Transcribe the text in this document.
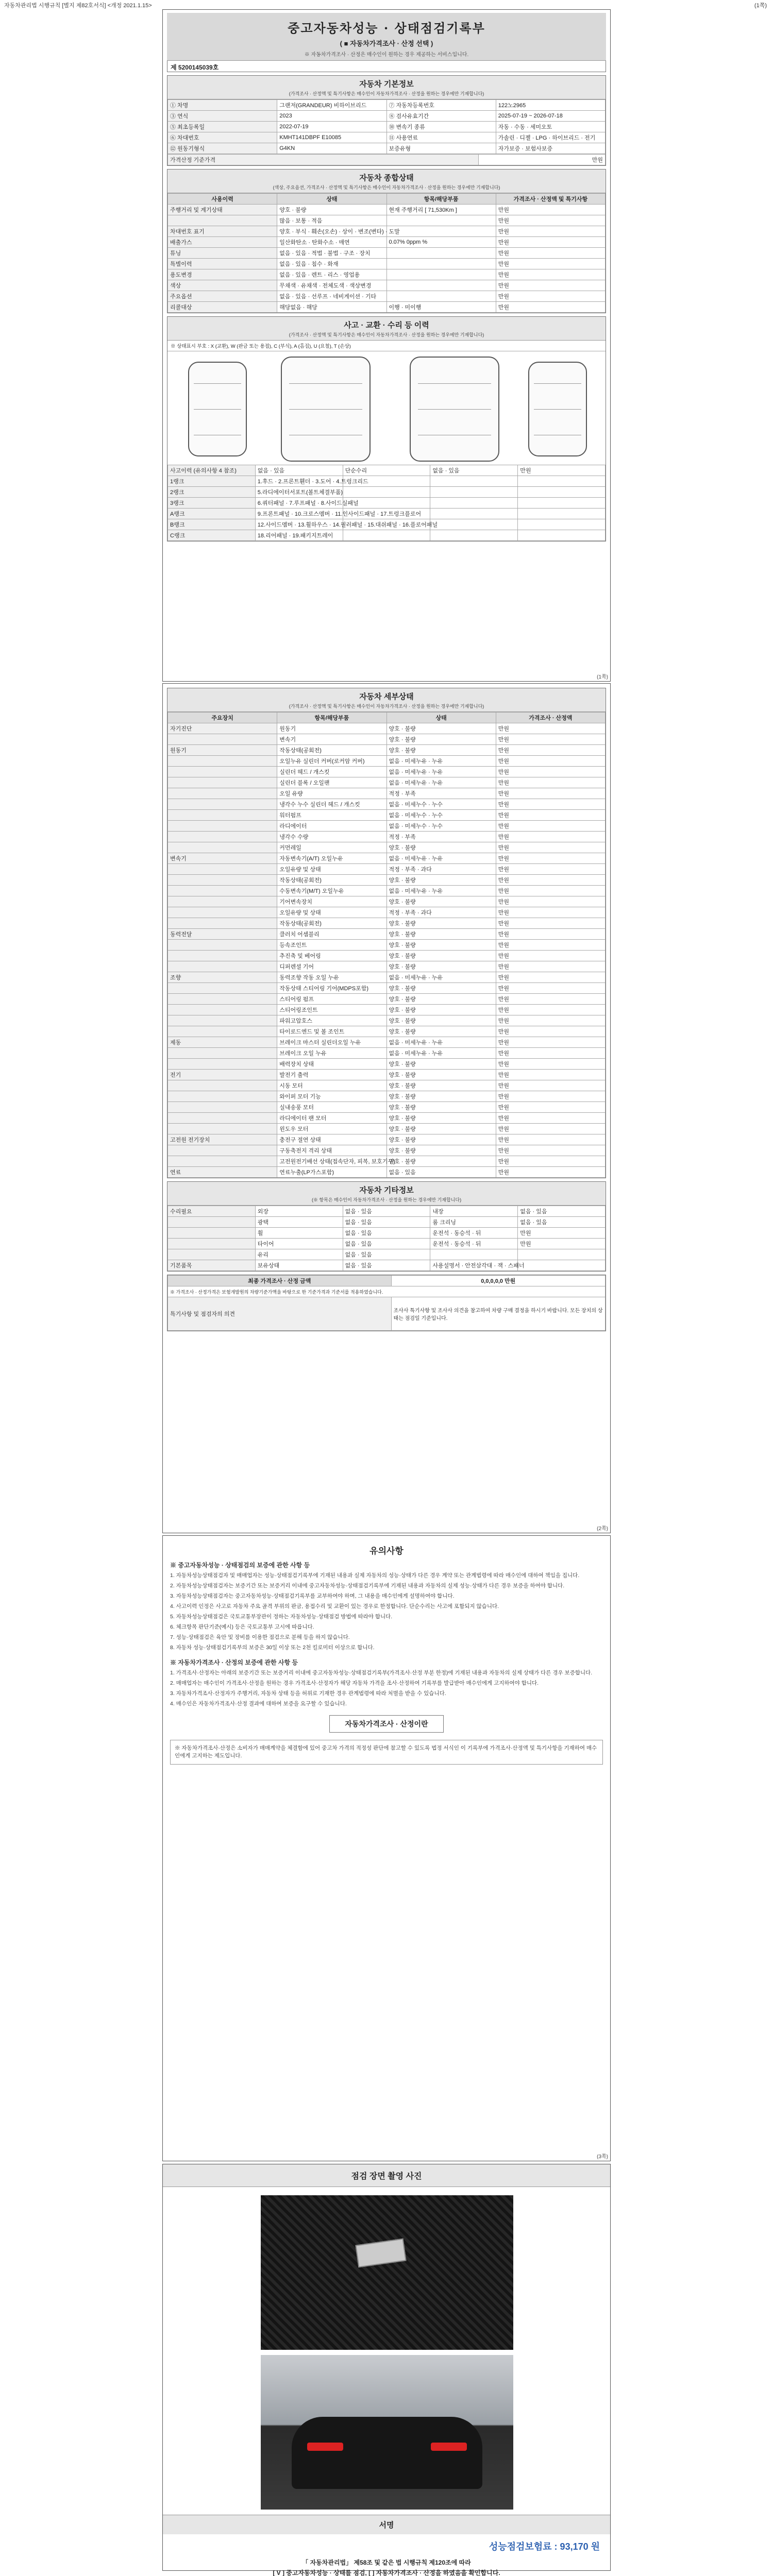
자동차관리법 시행규칙 [별지 제82호서식] <개정 2021.1.15>	(1쪽)
중고자동차성능 · 상태점검기록부
( ■ 자동차가격조사 · 산정 선택 )
※ 자동차가격조사 · 산정은 매수인이 원하는 경우 제공하는 서비스입니다.
제 5200145039호
자동차 기본정보
(가격조사 · 산정액 및 특기사항은 매수인이 자동차가격조사 · 산정을 원하는 경우에만 기재합니다)
① 차명	그랜저(GRANDEUR) 비하이브리드	⑦ 자동차등록번호	122노2965
③ 연식	2023	⑧ 검사유효기간	2025-07-19 ~ 2026-07-18
⑤ 최초등록일	2022-07-19	⑩ 변속기 종류	자동 · 수동 · 세미오토
⑥ 차대번호	KMHT141DBPF E10085	⑪ 사용연료	가솔린 · 디젤 · LPG · 하이브리드 · 전기
⑫ 원동기형식	G4KN	보증유형	자가보증 · 보험사보증
가격산정 기준가격	만원
자동차 종합상태
(색상, 주요옵션, 가격조사 · 산정액 및 특기사항은 매수인이 자동차가격조사 · 산정을 원하는 경우에만 기재합니다)
사용이력	상태	항목/해당부품	가격조사 · 산정액 및 특기사항
주행거리 및 계기상태	양호 · 불량	현재 주행거리 [ 71,530Km ]	만원
	많음 · 보통 · 적음		만원
차대번호 표기	양호 · 부식 · 훼손(오손) · 상이 · 변조(변타) · 도말		만원
배출가스	일산화탄소 · 탄화수소 · 매연	0.07% 0ppm %	만원
튜닝	없음 · 있음 · 적법 · 불법 · 구조 · 장치		만원
특별이력	없음 · 있음 · 침수 · 화재		만원
용도변경	없음 · 있음 · 렌트 · 리스 · 영업용		만원
색상	무채색 · 유채색 · 전체도색 · 색상변경		만원
주요옵션	없음 · 있음 · 선루프 · 네비게이션 · 기타		만원
리콜대상	해당없음 · 해당	이행 · 미이행	만원
사고 · 교환 · 수리 등 이력
(가격조사 · 산정액 및 특기사항은 매수인이 자동차가격조사 · 산정을 원하는 경우에만 기재합니다)
※ 상태표시 부호 : X (교환), W (판금 또는 용접), C (부식), A (흠집), U (요철), T (손상)
사고이력 (유의사항 4 참조)	없음 · 있음	단순수리	없음 · 있음	만원
1랭크	1.후드 · 2.프론트휀더 · 3.도어 · 4.트렁크리드			
2랭크	5.라디에이터서포트(볼트체결부품)			
3랭크	6.쿼터패널 · 7.루프패널 · 8.사이드실패널			
A랭크	9.프론트패널 · 10.크로스멤버 · 11.인사이드패널 · 17.트렁크플로어			
B랭크	12.사이드멤버 · 13.휠하우스 · 14.필러패널 · 15.대쉬패널 · 16.플로어패널			
C랭크	18.리어패널 · 19.패키지트레이			
(1쪽)
자동차 세부상태
(가격조사 · 산정액 및 특기사항은 매수인이 자동차가격조사 · 산정을 원하는 경우에만 기재합니다)
주요장치	항목/해당부품	상태	가격조사 · 산정액
자기진단	원동기	양호 · 불량	만원
	변속기	양호 · 불량	만원
원동기	작동상태(공회전)	양호 · 불량	만원
	오일누유 실린더 커버(로커암 커버)	없음 · 미세누유 · 누유	만원
	실린더 헤드 / 개스킷	없음 · 미세누유 · 누유	만원
	실린더 블록 / 오일팬	없음 · 미세누유 · 누유	만원
	오일 유량	적정 · 부족	만원
	냉각수 누수 실린더 헤드 / 개스킷	없음 · 미세누수 · 누수	만원
	워터펌프	없음 · 미세누수 · 누수	만원
	라디에이터	없음 · 미세누수 · 누수	만원
	냉각수 수량	적정 · 부족	만원
	커먼레일	양호 · 불량	만원
변속기	자동변속기(A/T) 오일누유	없음 · 미세누유 · 누유	만원
	오일유량 및 상태	적정 · 부족 · 과다	만원
	작동상태(공회전)	양호 · 불량	만원
	수동변속기(M/T) 오일누유	없음 · 미세누유 · 누유	만원
	기어변속장치	양호 · 불량	만원
	오일유량 및 상태	적정 · 부족 · 과다	만원
	작동상태(공회전)	양호 · 불량	만원
동력전달	클러치 어셈블리	양호 · 불량	만원
	등속조인트	양호 · 불량	만원
	추진축 및 베어링	양호 · 불량	만원
	디퍼렌셜 기어	양호 · 불량	만원
조향	동력조향 작동 오일 누유	없음 · 미세누유 · 누유	만원
	작동상태 스티어링 기어(MDPS포함)	양호 · 불량	만원
	스티어링 펌프	양호 · 불량	만원
	스티어링조인트	양호 · 불량	만원
	파워고압호스	양호 · 불량	만원
	타이로드엔드 및 볼 조인트	양호 · 불량	만원
제동	브레이크 마스터 실린더오일 누유	없음 · 미세누유 · 누유	만원
	브레이크 오일 누유	없음 · 미세누유 · 누유	만원
	배력장치 상태	양호 · 불량	만원
전기	발전기 출력	양호 · 불량	만원
	시동 모터	양호 · 불량	만원
	와이퍼 모터 기능	양호 · 불량	만원
	실내송풍 모터	양호 · 불량	만원
	라디에이터 팬 모터	양호 · 불량	만원
	윈도우 모터	양호 · 불량	만원
고전원 전기장치	충전구 절연 상태	양호 · 불량	만원
	구동축전지 격리 상태	양호 · 불량	만원
	고전원전기배선 상태(접속단자, 피복, 보호기구)	양호 · 불량	만원
연료	연료누출(LP가스포함)	없음 · 있음	만원
자동차 기타정보
(※ 항목은 매수인이 자동차가격조사 · 산정을 원하는 경우에만 기재합니다)
수리필요	외장	없음 · 있음	내장	없음 · 있음
	광택	없음 · 있음	룸 크리닝	없음 · 있음
	휠	없음 · 있음	운전석 · 동승석 · 뒤	만원
	타이어	없음 · 있음	운전석 · 동승석 · 뒤	만원
	유리	없음 · 있음		
기본품목	보유상태	없음 · 있음	사용설명서 · 안전삼각대 · 잭 · 스패너	
최종 가격조사 · 산정 금액	0,0,0,0,0 만원
※ 가격조사 · 산정가격은 보험개발원의 차량기준가액을 바탕으로 한 기준가격과 기준서를 적용하였습니다.	
특기사항 및 점검자의 의견	조사사 특기사항 및 조사사 의견을 참고하여 차량 구매 결정을 하시기 바랍니다. 모든 장치의 상태는 점검일 기준입니다.
(2쪽)
유의사항

※ 중고자동차성능 · 상태점검의 보증에 관한 사항 등

1. 자동차성능상태점검자 및 매매업자는 성능·상태점검기록부에 기재된 내용과 실제 자동차의 성능·상태가 다른 경우 계약 또는 관계법령에 따라 매수인에 대하여 책임을 집니다.

2. 자동차성능상태점검자는 보증기간 또는 보증거리 이내에 중고자동차성능·상태점검기록부에 기재된 내용과 자동차의 실제 성능·상태가 다른 경우 보증을 하여야 합니다.

3. 자동차성능상태점검자는 중고자동차성능·상태점검기록부를 교부하여야 하며, 그 내용을 매수인에게 설명하여야 합니다.

4. 사고이력 인정은 사고로 자동차 주요 골격 부위의 판금, 용접수리 및 교환이 있는 경우로 한정합니다. 단순수리는 사고에 포함되지 않습니다.

5. 자동차성능상태점검은 국토교통부장관이 정하는 자동차성능·상태점검 방법에 따라야 합니다.

6. 체크항목 판단기준(예시) 등은 국토교통부 고시에 따릅니다.

7. 성능·상태점검은 육안 및 장비를 이용한 점검으로 분해 등을 하지 않습니다.

8. 자동차 성능·상태점검기록부의 보증은 30일 이상 또는 2천 킬로미터 이상으로 합니다.

※ 자동차가격조사 · 산정의 보증에 관한 사항 등

1. 가격조사·산정자는 아래의 보증기간 또는 보증거리 이내에 중고자동차성능·상태점검기록부(가격조사·산정 부분 한정)에 기재된 내용과 자동차의 실제 상태가 다른 경우 보증합니다.

2. 매매업자는 매수인이 가격조사·산정을 원하는 경우 가격조사·산정자가 해당 자동차 가격을 조사·산정하여 기록부를 발급받아 매수인에게 고지하여야 합니다.

3. 자동차가격조사·산정자가 주행거리, 자동차 상태 등을 허위로 기재한 경우 관계법령에 따라 처벌을 받을 수 있습니다.

4. 매수인은 자동차가격조사·산정 결과에 대하여 보증을 요구할 수 있습니다.

자동차가격조사 · 산정이란
※ 자동차가격조사·산정은 소비자가 매매계약을 체결함에 있어 중고차 가격의 적정성 판단에 참고할 수 있도록 법정 서식인 이 기록부에 가격조사·산정액 및 특기사항을 기재하여 매수인에게 고지하는 제도입니다.
(3쪽)
점검 장면 촬영 사진
서명
성능점검보험료 : 93,170 원
「 자동차관리법」 제58조 및 같은 법 시행규칙 제120조에 따라
[ V ] 중고자동차성능 · 상태를 점검, [ ] 자동차가격조사 · 산정을 하였음을 확인합니다.
